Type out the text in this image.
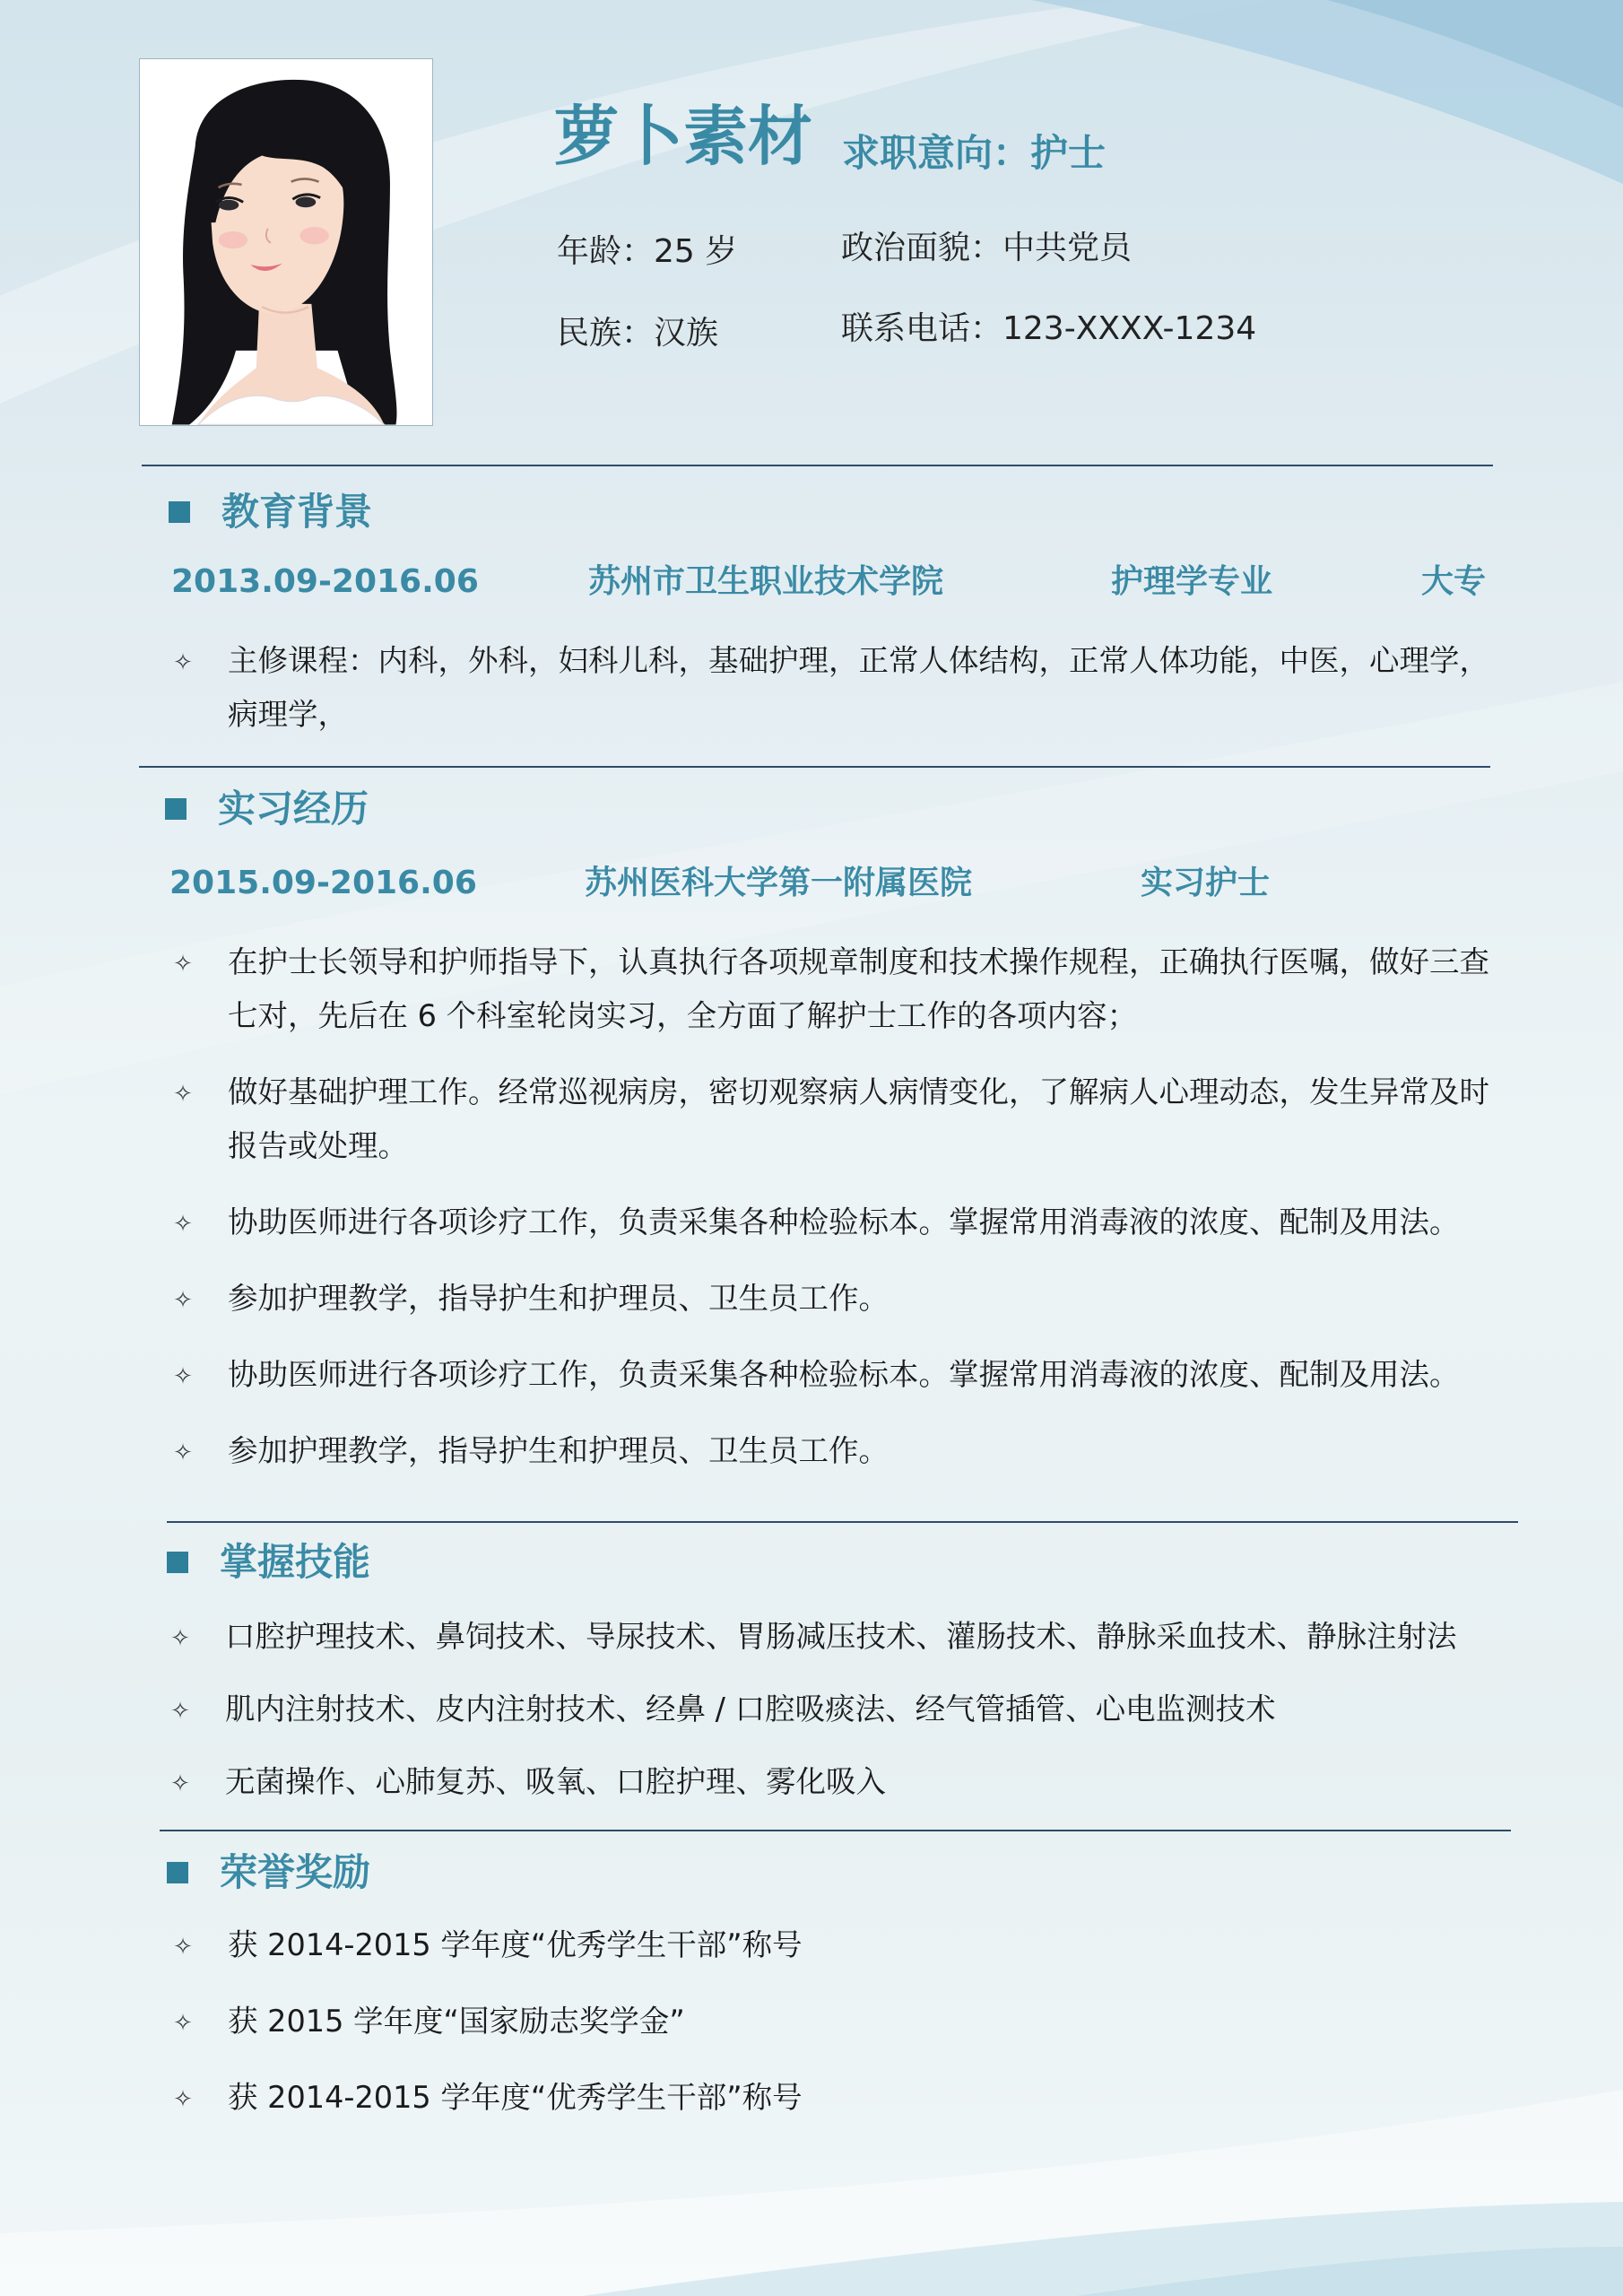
萝卜素材 求职意向：护士
年龄：25 岁	政治面貌：中共党员
民族：汉族	联系电话：123-XXXX-1234
教育背景
2013.09-2016.06	苏州市卫生职业技术学院	护理学专业	大专
✧ 主修课程：内科，外科，妇科儿科，基础护理，正常人体结构，正常人体功能，中医，心理学，病理学，
实习经历
2015.09-2016.06	苏州医科大学第一附属医院	实习护士
✧ 在护士长领导和护师指导下，认真执行各项规章制度和技术操作规程，正确执行医嘱，做好三查七对，先后在 6 个科室轮岗实习，全方面了解护士工作的各项内容；
✧ 做好基础护理工作。经常巡视病房，密切观察病人病情变化，了解病人心理动态，发生异常及时报告或处理。
✧ 协助医师进行各项诊疗工作，负责采集各种检验标本。掌握常用消毒液的浓度、配制及用法。
✧ 参加护理教学，指导护生和护理员、卫生员工作。
✧ 协助医师进行各项诊疗工作，负责采集各种检验标本。掌握常用消毒液的浓度、配制及用法。
✧ 参加护理教学，指导护生和护理员、卫生员工作。
掌握技能
✧ 口腔护理技术、鼻饲技术、导尿技术、胃肠减压技术、灌肠技术、静脉采血技术、静脉注射法
✧ 肌内注射技术、皮内注射技术、经鼻 / 口腔吸痰法、经气管插管、心电监测技术
✧ 无菌操作、心肺复苏、吸氧、口腔护理、雾化吸入
荣誉奖励
✧ 获 2014-2015 学年度“优秀学生干部”称号
✧ 获 2015 学年度“国家励志奖学金”
✧ 获 2014-2015 学年度“优秀学生干部”称号
